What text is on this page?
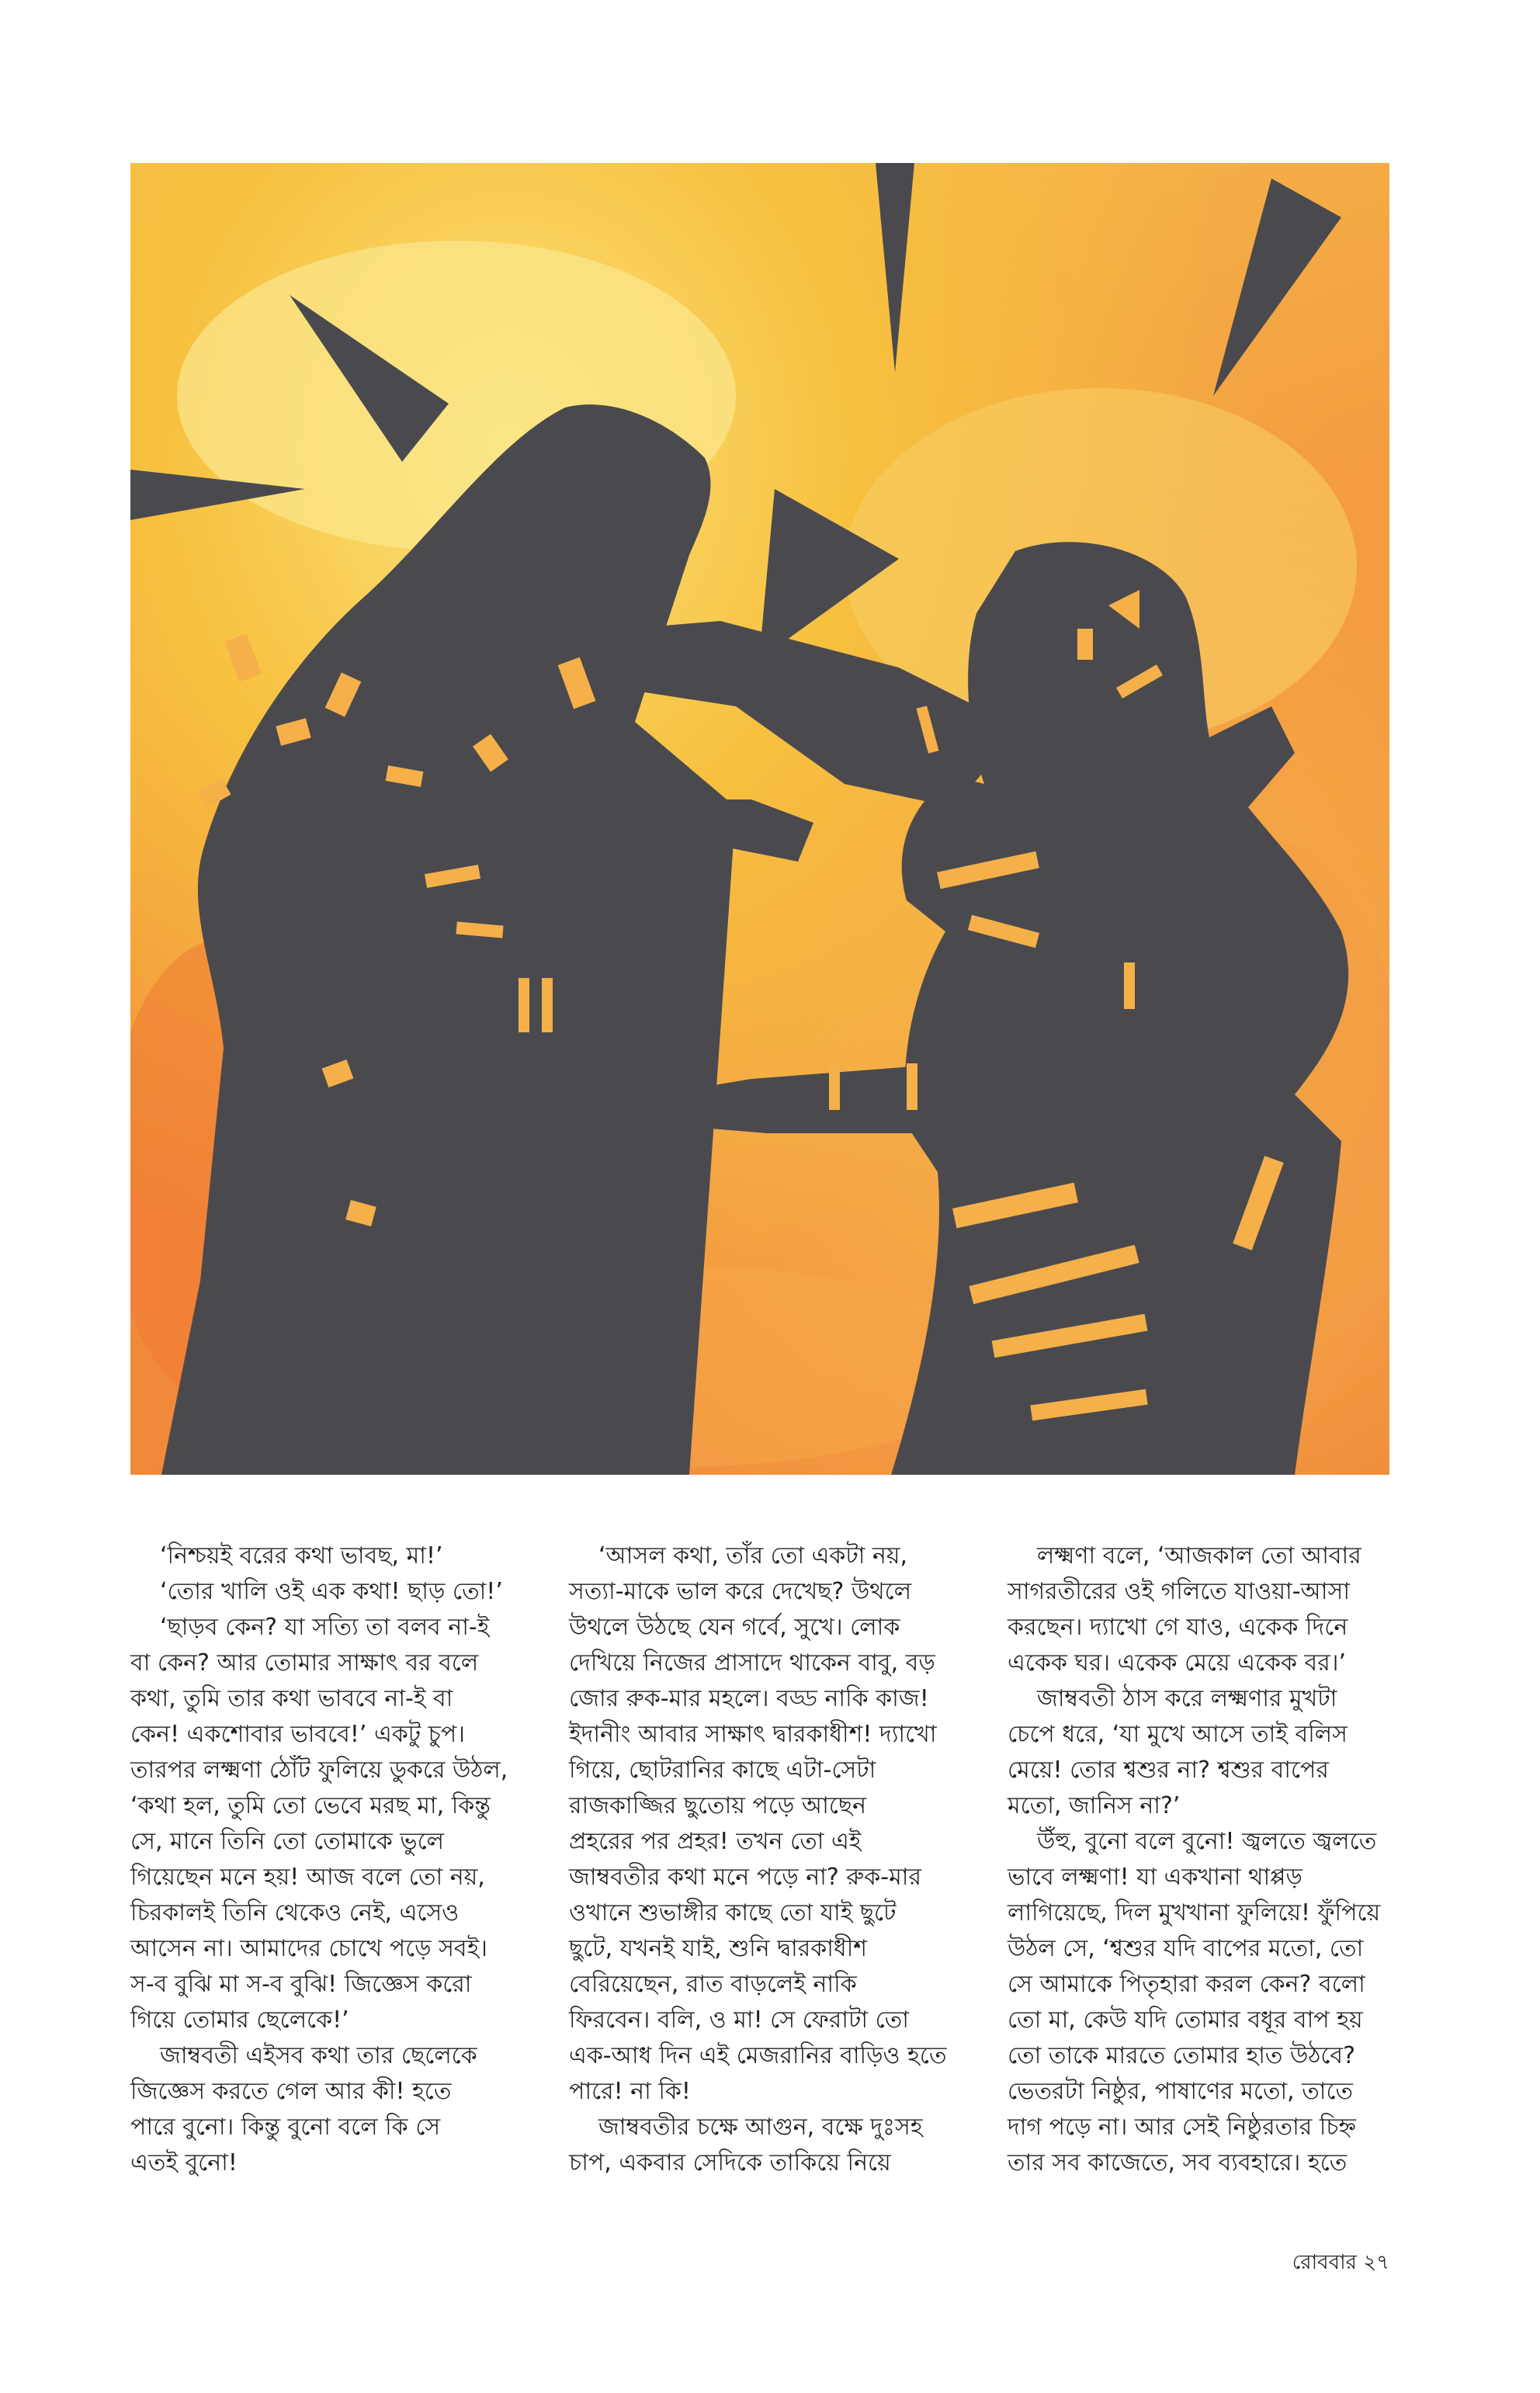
‘নিশ্চয়ই বরের কথা ভাবছ, মা!’

‘তোর খালি ওই এক কথা! ছাড় তো!’

‘ছাড়ব কেন? যা সত্যি তা বলব না-ই
বা কেন? আর তোমার সাক্ষাৎ বর বলে
কথা, তুমি তার কথা ভাববে না-ই বা
কেন! একশোবার ভাববে!’ একটু চুপ।
তারপর লক্ষ্মণা ঠোঁট ফুলিয়ে ডুকরে উঠল,
‘কথা হল, তুমি তো ভেবে মরছ মা, কিন্তু
সে, মানে তিনি তো তোমাকে ভুলে
গিয়েছেন মনে হয়! আজ বলে তো নয়,
চিরকালই তিনি থেকেও নেই, এসেও
আসেন না। আমাদের চোখে পড়ে সবই।
স-ব বুঝি মা স-ব বুঝি! জিজ্ঞেস করো
গিয়ে তোমার ছেলেকে!’

জাম্ববতী এইসব কথা তার ছেলেকে
জিজ্ঞেস করতে গেল আর কী! হতে
পারে বুনো। কিন্তু বুনো বলে কি সে
এতই বুনো!

‘আসল কথা, তাঁর তো একটা নয়,
সত্যা-মাকে ভাল করে দেখেছ? উথলে
উথলে উঠছে যেন গর্বে, সুখে। লোক
দেখিয়ে নিজের প্রাসাদে থাকেন বাবু, বড়
জোর রুক-মার মহলে। বড্ড নাকি কাজ!
ইদানীং আবার সাক্ষাৎ দ্বারকাধীশ! দ্যাখো
গিয়ে, ছোটরানির কাছে এটা-সেটা
রাজকাজ্জির ছুতোয় পড়ে আছেন
প্রহরের পর প্রহর! তখন তো এই
জাম্ববতীর কথা মনে পড়ে না? রুক-মার
ওখানে শুভাঙ্গীর কাছে তো যাই ছুটে
ছুটে, যখনই যাই, শুনি দ্বারকাধীশ
বেরিয়েছেন, রাত বাড়লেই নাকি
ফিরবেন। বলি, ও মা! সে ফেরাটা তো
এক-আধ দিন এই মেজরানির বাড়িও হতে
পারে! না কি!

জাম্ববতীর চক্ষে আগুন, বক্ষে দুঃসহ
চাপ, একবার সেদিকে তাকিয়ে নিয়ে

লক্ষ্মণা বলে, ‘আজকাল তো আবার
সাগরতীরের ওই গলিতে যাওয়া-আসা
করছেন। দ্যাখো গে যাও, একেক দিনে
একেক ঘর। একেক মেয়ে একেক বর।’

জাম্ববতী ঠাস করে লক্ষ্মণার মুখটা
চেপে ধরে, ‘যা মুখে আসে তাই বলিস
মেয়ে! তোর শ্বশুর না? শ্বশুর বাপের
মতো, জানিস না?’

উঁহু, বুনো বলে বুনো! জ্বলতে জ্বলতে
ভাবে লক্ষ্মণা! যা একখানা থাপ্পড়
লাগিয়েছে, দিল মুখখানা ফুলিয়ে! ফুঁপিয়ে
উঠল সে, ‘শ্বশুর যদি বাপের মতো, তো
সে আমাকে পিতৃহারা করল কেন? বলো
তো মা, কেউ যদি তোমার বধূর বাপ হয়
তো তাকে মারতে তোমার হাত উঠবে?
ভেতরটা নিষ্ঠুর, পাষাণের মতো, তাতে
দাগ পড়ে না। আর সেই নিষ্ঠুরতার চিহ্ন
তার সব কাজেতে, সব ব্যবহারে। হতে

রোববার ২৭
